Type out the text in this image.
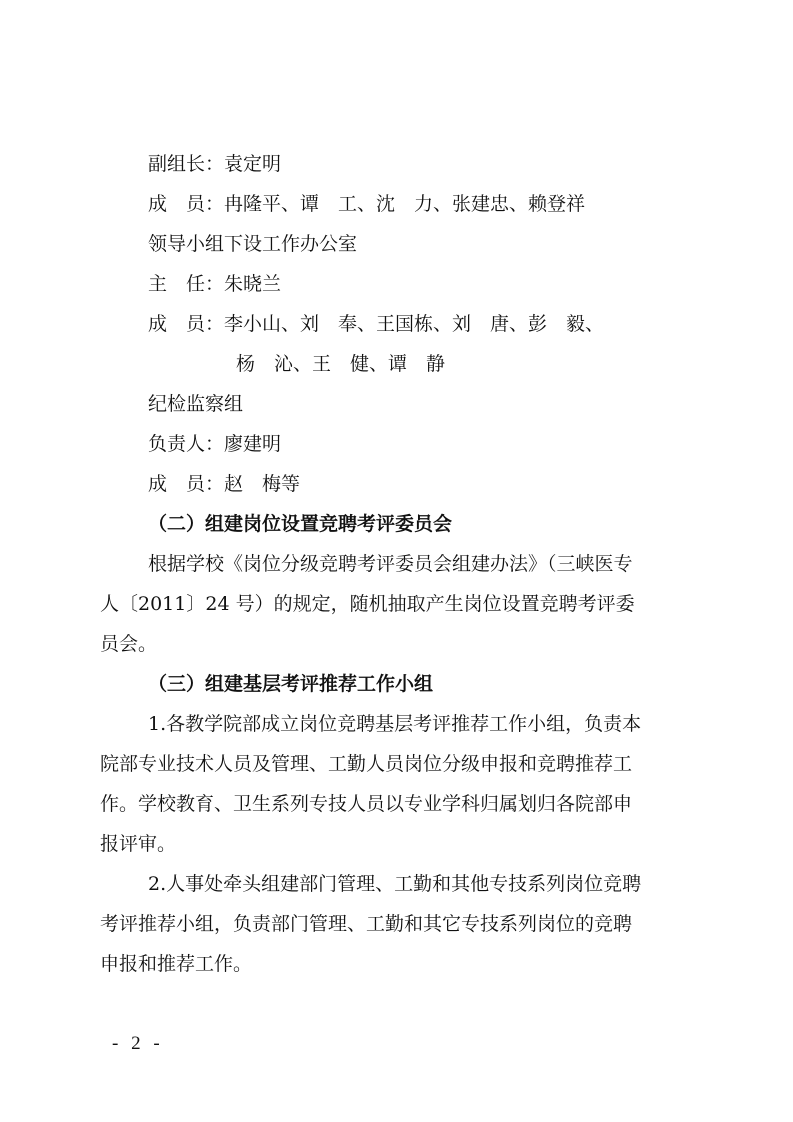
副组长：袁定明
成　员：冉隆平、谭　工、沈　力、张建忠、赖登祥
领导小组下设工作办公室
主　任：朱晓兰
成　员：李小山、刘　奉、王国栋、刘　唐、彭　毅、
杨　沁、王　健、谭　静
纪检监察组
负责人：廖建明
成　员：赵　梅等
（二）组建岗位设置竞聘考评委员会
根据学校《岗位分级竞聘考评委员会组建办法》（三峡医专
人〔2011〕24 号）的规定，随机抽取产生岗位设置竞聘考评委
员会。
（三）组建基层考评推荐工作小组
1.各教学院部成立岗位竞聘基层考评推荐工作小组，负责本
院部专业技术人员及管理、工勤人员岗位分级申报和竞聘推荐工
作。学校教育、卫生系列专技人员以专业学科归属划归各院部申
报评审。
2.人事处牵头组建部门管理、工勤和其他专技系列岗位竞聘
考评推荐小组，负责部门管理、工勤和其它专技系列岗位的竞聘
申报和推荐工作。
- 2 -
